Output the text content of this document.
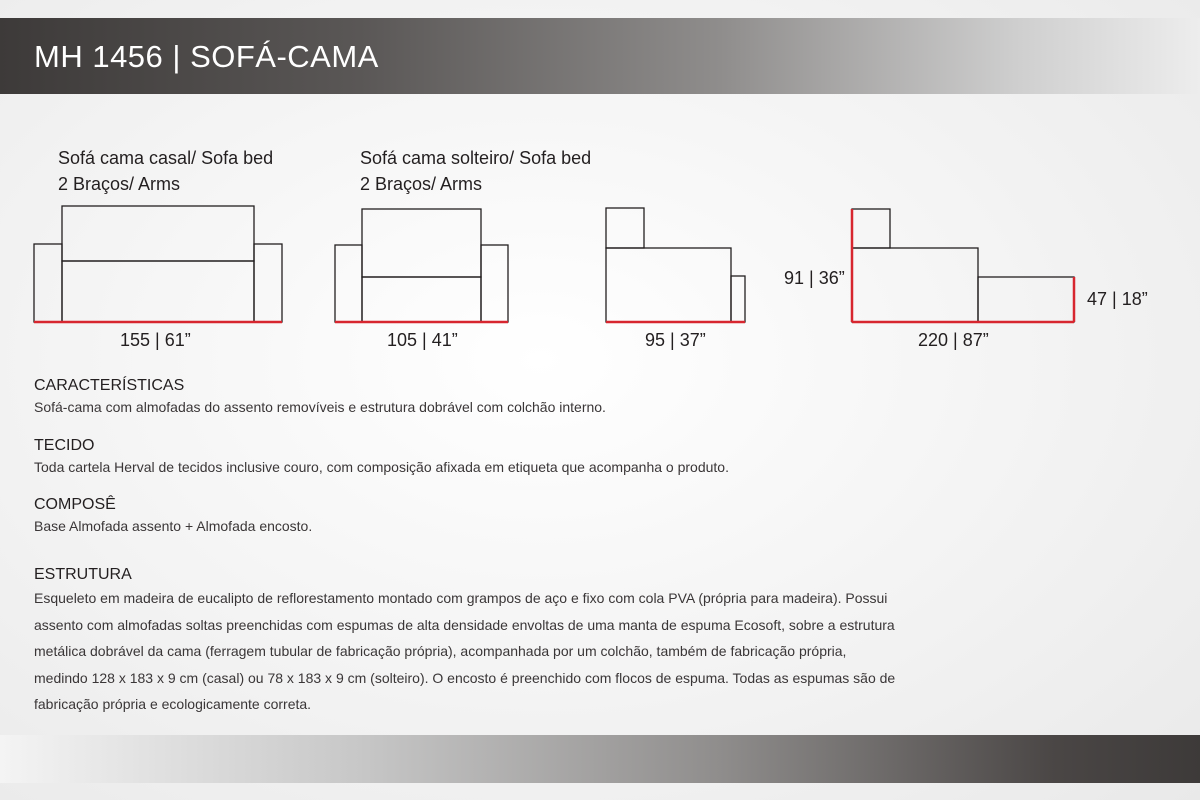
MH 1456 | SOFÁ-CAMA
Sofá cama casal/ Sofa bed
2 Braços/ Arms
Sofá cama solteiro/ Sofa bed
2 Braços/ Arms
155 | 61”	105 | 41”	95 | 37”	220 | 87”
91 | 36”
47 | 18”

CARACTERÍSTICAS

Sofá-cama com almofadas do assento removíveis e estrutura dobrável com colchão interno.

TECIDO

Toda cartela Herval de tecidos inclusive couro, com composição afixada em etiqueta que acompanha o produto.

COMPOSÊ

Base Almofada assento + Almofada encosto.

ESTRUTURA

Esqueleto em madeira de eucalipto de reflorestamento montado com grampos de aço e fixo com cola PVA (própria para madeira). Possui
assento com almofadas soltas preenchidas com espumas de alta densidade envoltas de uma manta de espuma Ecosoft, sobre a estrutura
metálica dobrável da cama (ferragem tubular de fabricação própria), acompanhada por um colchão, também de fabricação própria,
medindo 128 x 183 x 9 cm (casal) ou 78 x 183 x 9 cm (solteiro). O encosto é preenchido com flocos de espuma. Todas as espumas são de
fabricação própria e ecologicamente correta.
